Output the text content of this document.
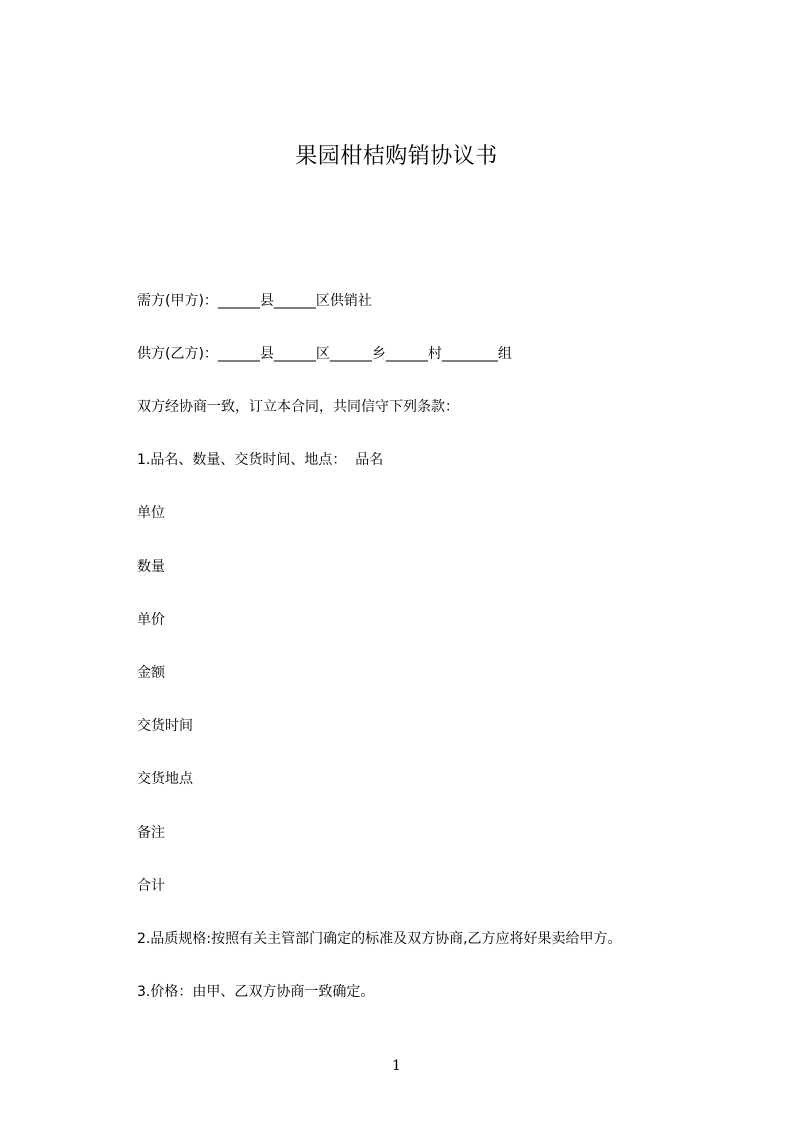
果园柑桔购销协议书
需方(甲方)：______县______区供销社
供方(乙方)：______县______区______乡______村________组
双方经协商一致，订立本合同，共同信守下列条款：
1.品名、数量、交货时间、地点：  品名
单位
数量
单价
金额
交货时间
交货地点
备注
合计
2.品质规格:按照有关主管部门确定的标准及双方协商,乙方应将好果卖给甲方。
3.价格：由甲、乙双方协商一致确定。
1
